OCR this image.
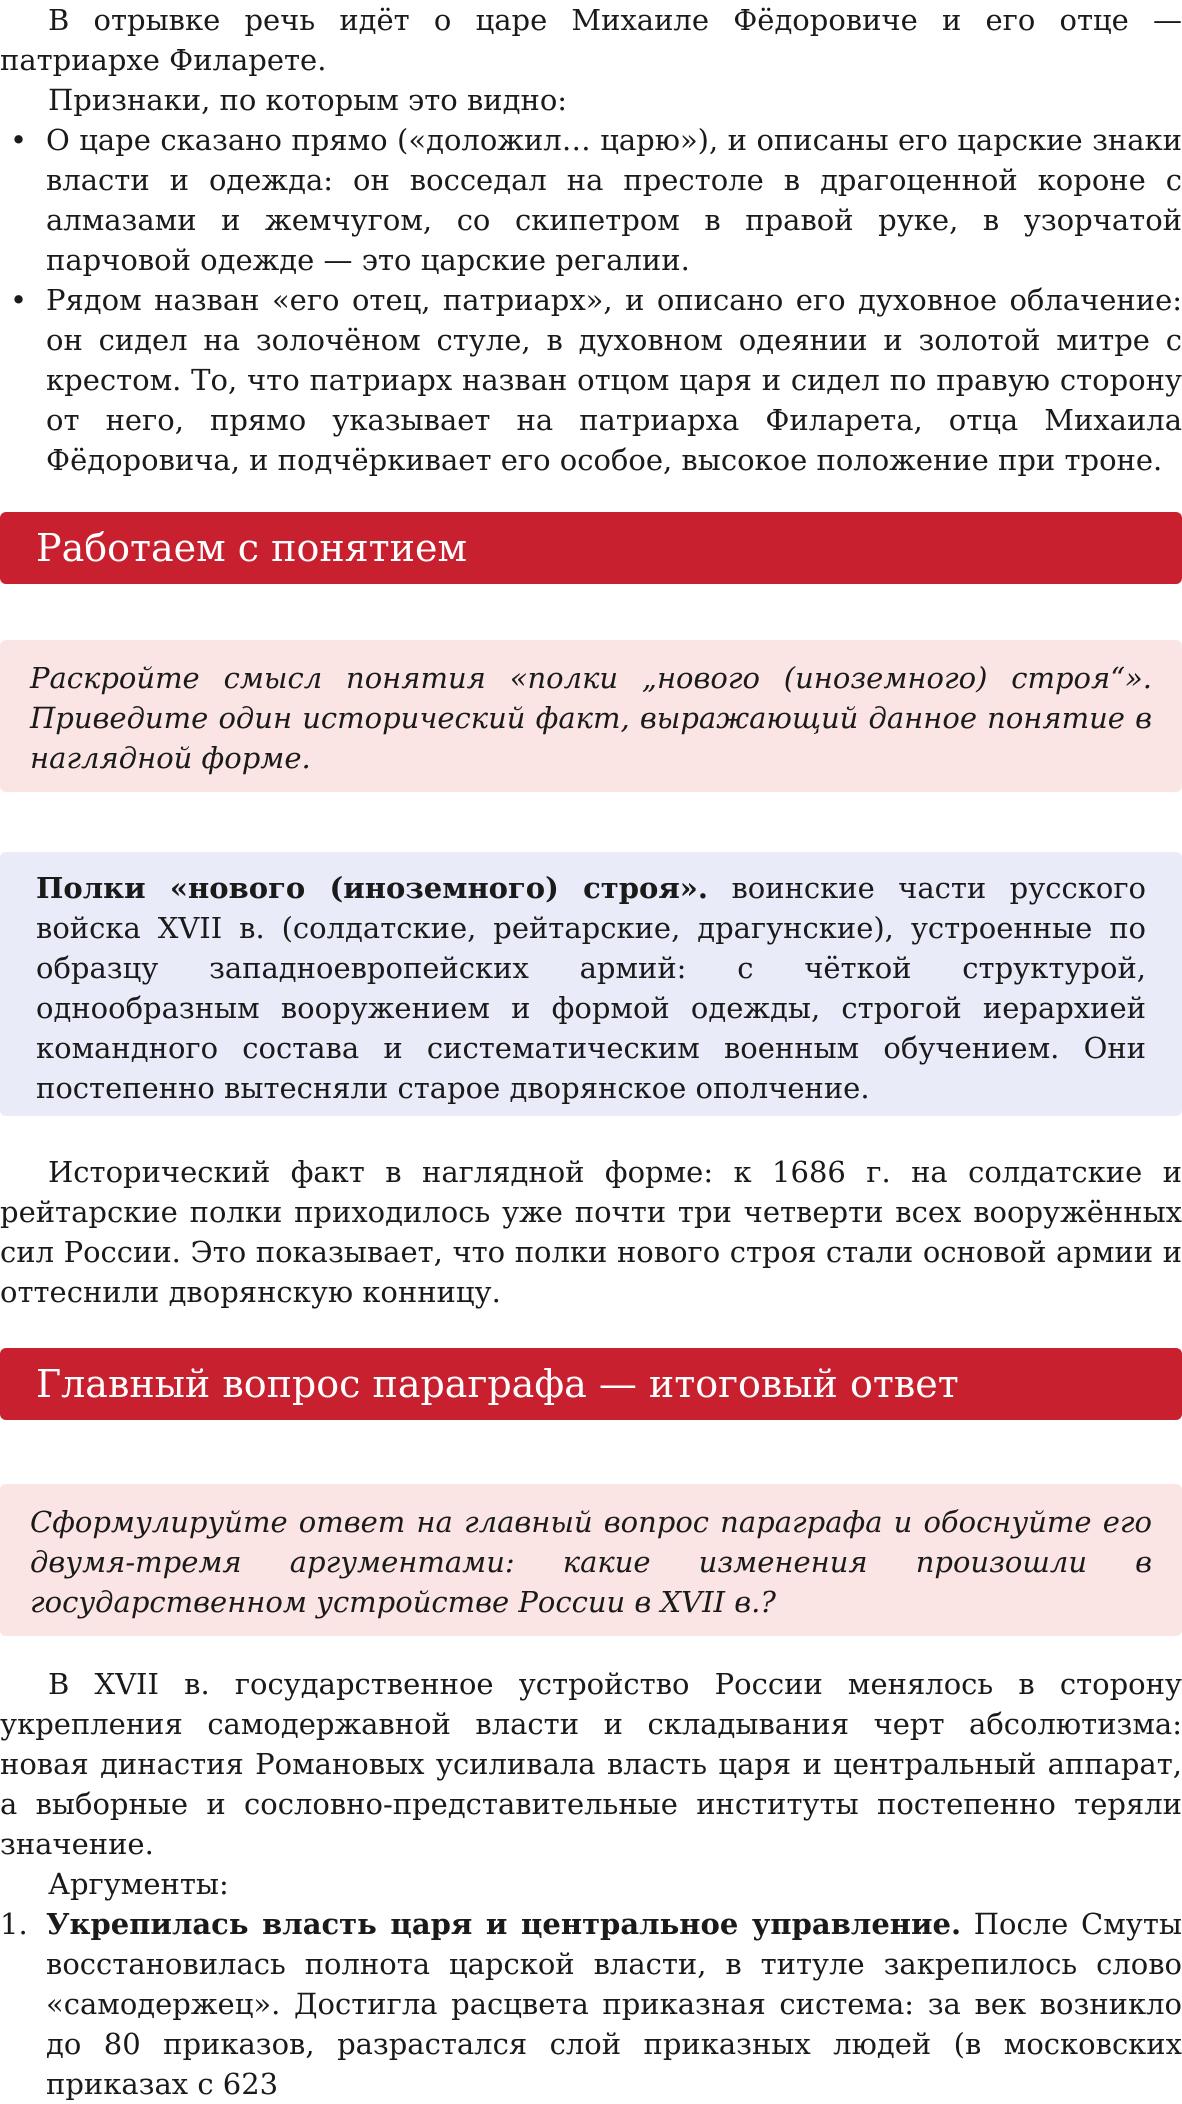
В отрывке речь идёт о царе Михаиле Фёдоровиче и его отце — патриархе Филарете.

Признаки, по которым это видно:

• О царе сказано прямо («доложил… царю»), и описаны его царские знаки власти и одежда: он восседал на престоле в драгоценной короне с алмазами и жемчугом, со скипетром в правой руке, в узорчатой парчовой одежде — это царские регалии.
• Рядом назван «его отец, патриарх», и описано его духовное облачение: он сидел на золочёном стуле, в духовном одеянии и золотой митре с крестом. То, что патриарх назван отцом царя и сидел по правую сторону от него, прямо указывает на патриарха Филарета, отца Михаила Фёдоровича, и подчёркивает его особое, высокое положение при троне.
Работаем с понятием

Раскройте смысл понятия «полки „нового (иноземного) строя“». Приведите один исторический факт, выражающий данное понятие в наглядной форме.

Полки «нового (иноземного) строя». воинские части русского войска XVII в. (солдатские, рейтарские, драгунские), устроенные по образцу западноевропейских армий: с чёткой структурой, однообразным вооружением и формой одежды, строгой иерархией командного состава и систематическим военным обучением. Они постепенно вытесняли старое дворянское ополчение.

Исторический факт в наглядной форме: к 1686 г. на солдатские и рейтарские полки приходилось уже почти три четверти всех вооружённых сил России. Это показывает, что полки нового строя стали основой армии и оттеснили дворянскую конницу.

Главный вопрос параграфа — итоговый ответ

Сформулируйте ответ на главный вопрос параграфа и обоснуйте его двумя-тремя аргументами: какие изменения произошли в государственном устройстве России в XVII в.?

В XVII в. государственное устройство России менялось в сторону укрепления самодержавной власти и складывания черт абсолютизма: новая династия Романовых усиливала власть царя и центральный аппарат, а выборные и сословно-представительные институты постепенно теряли значение.

Аргументы:

1. Укрепилась власть царя и центральное управление. После Смуты восстановилась полнота царской власти, в титуле закрепилось слово «самодержец». Достигла расцвета приказная система: за век возникло до 80 приказов, разрастался слой приказных людей (в московских приказах с 623
